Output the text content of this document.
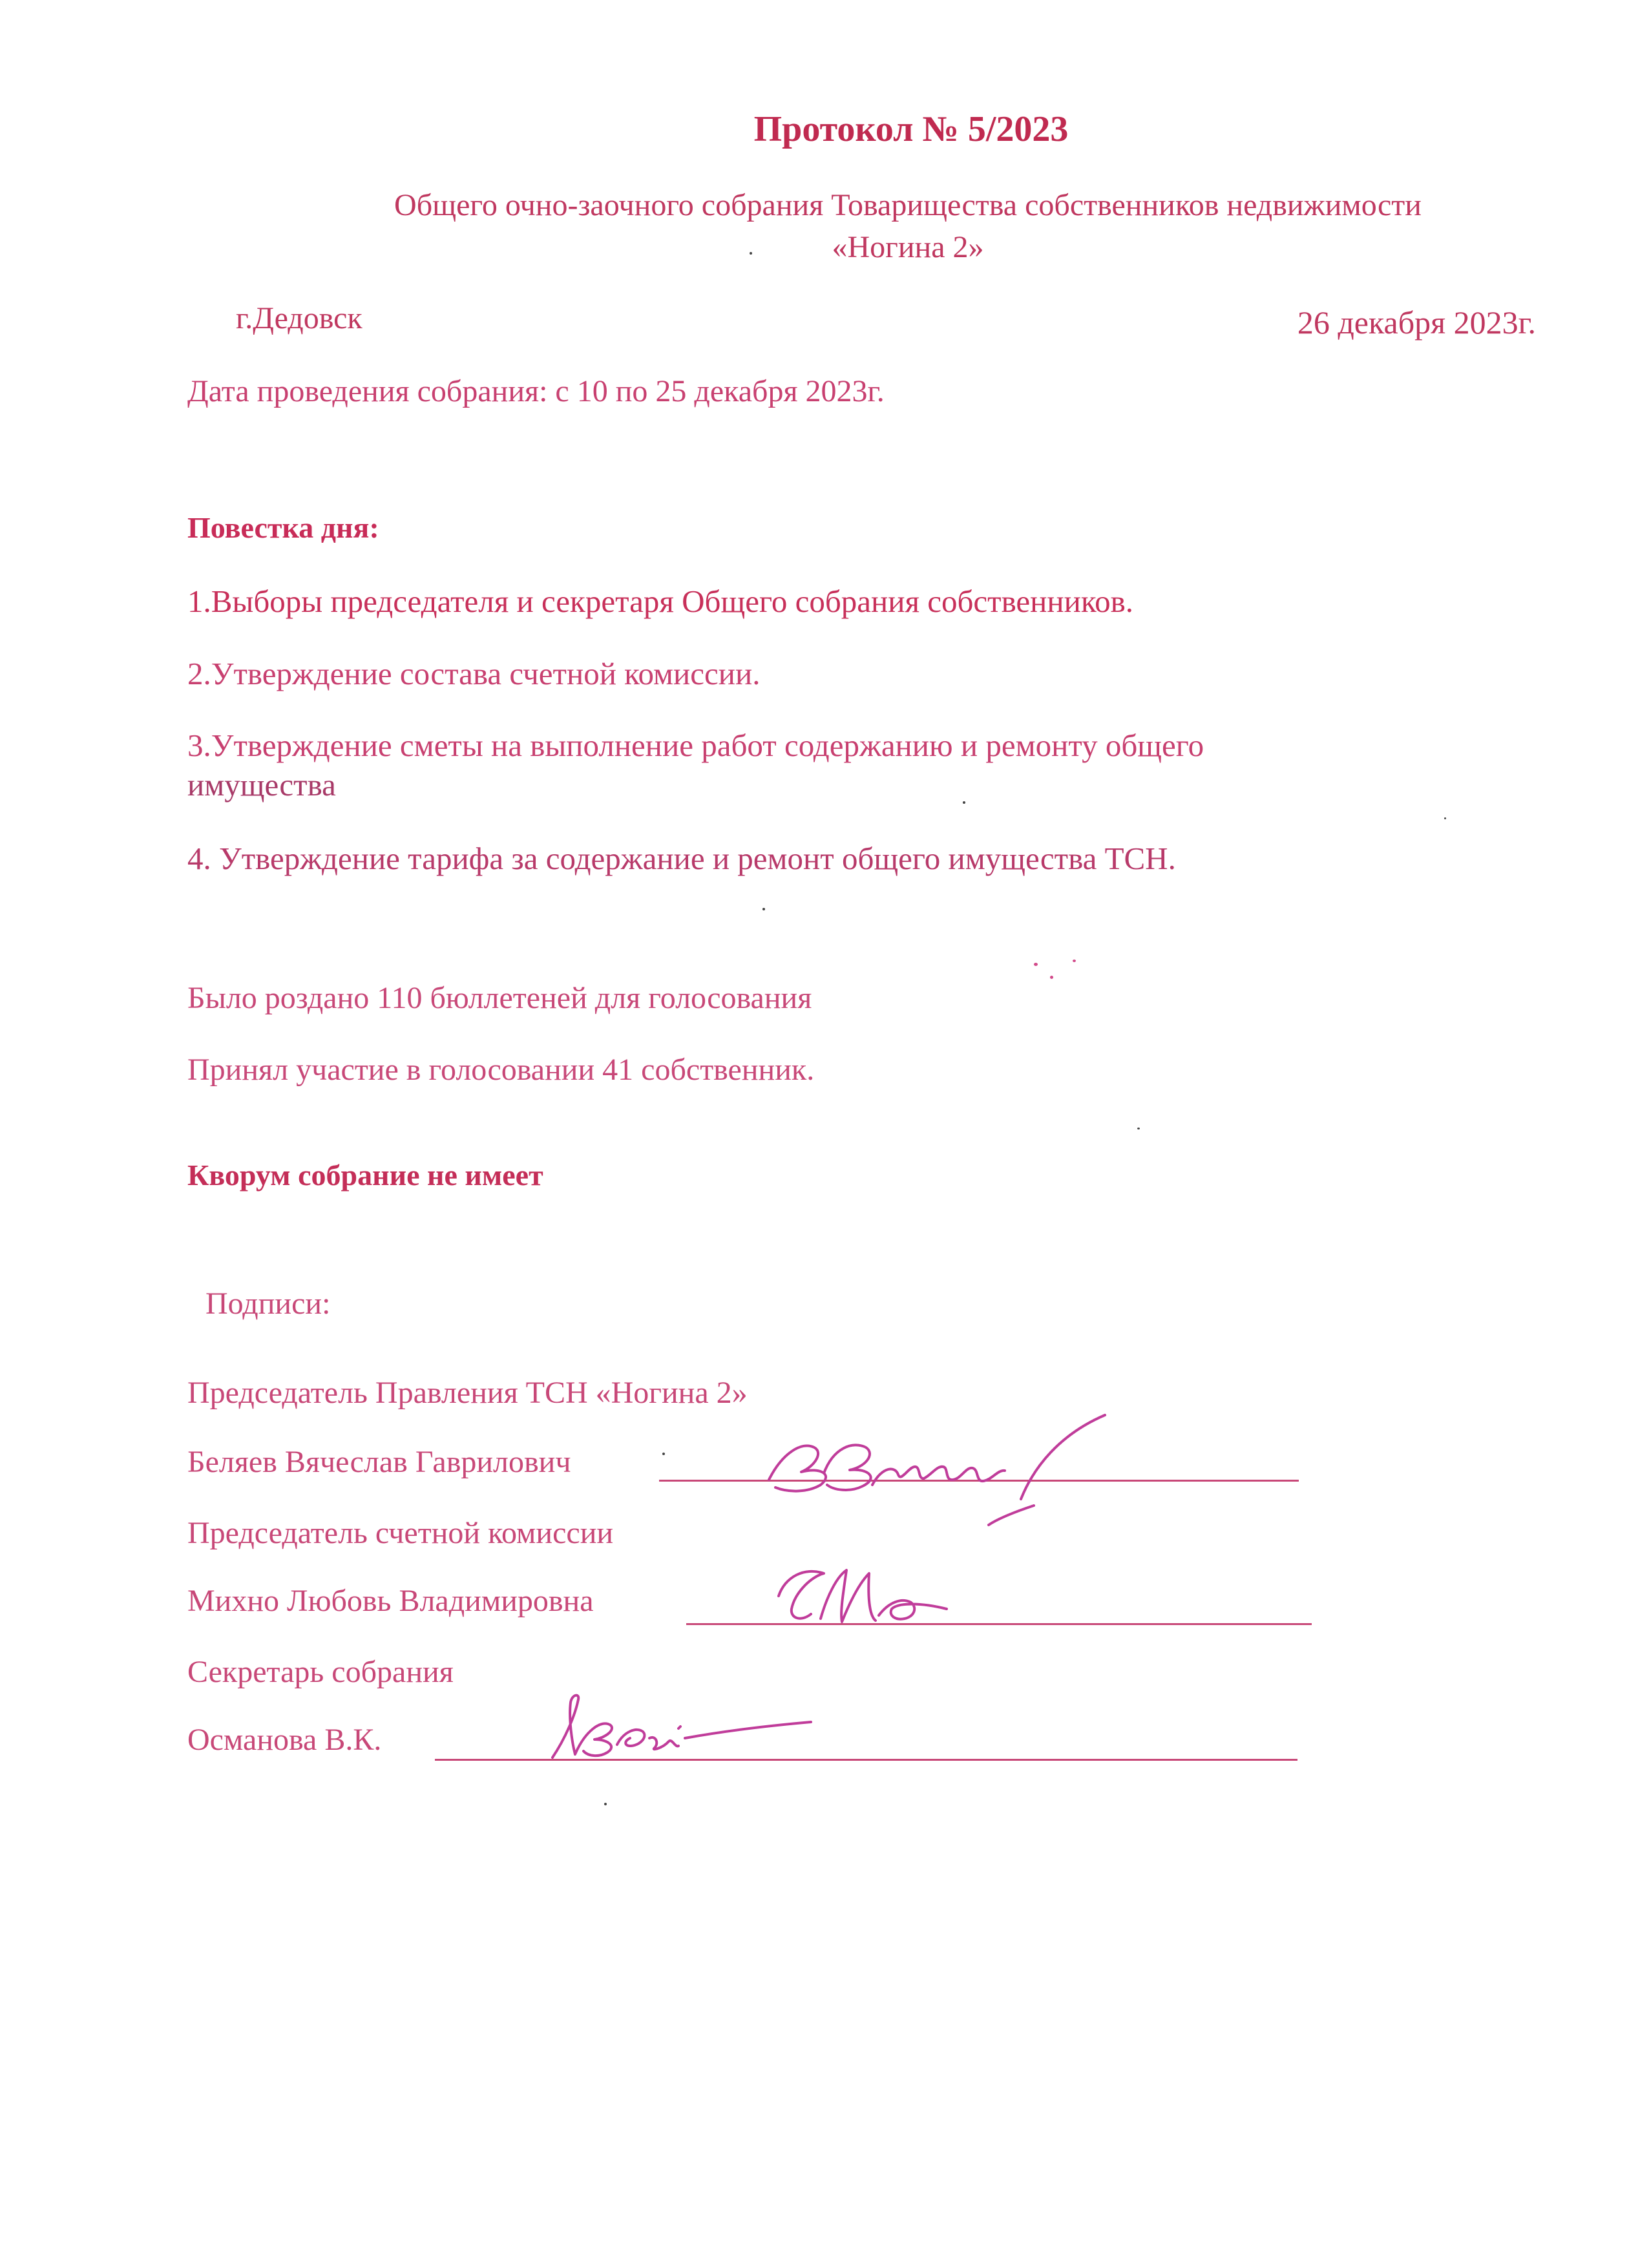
Протокол № 5/2023
Общего очно-заочного собрания Товарищества собственников недвижимости
«Ногина 2»
г.Дедовск	26 декабря 2023г.
Дата проведения собрания: с 10 по 25 декабря 2023г.
Повестка дня:
1.Выборы председателя и секретаря Общего собрания собственников.
2.Утверждение состава счетной комиссии.
3.Утверждение сметы на выполнение работ содержанию и ремонту общего
имущества
4. Утверждение тарифа за содержание и ремонт общего имущества ТСН.
Было роздано 110 бюллетеней для голосования
Принял участие в голосовании 41 собственник.
Кворум собрание не имеет
Подписи:
Председатель Правления ТСН «Ногина 2»
Беляев Вячеслав Гаврилович
Председатель счетной комиссии
Михно Любовь Владимировна
Секретарь собрания
Османова В.К.
